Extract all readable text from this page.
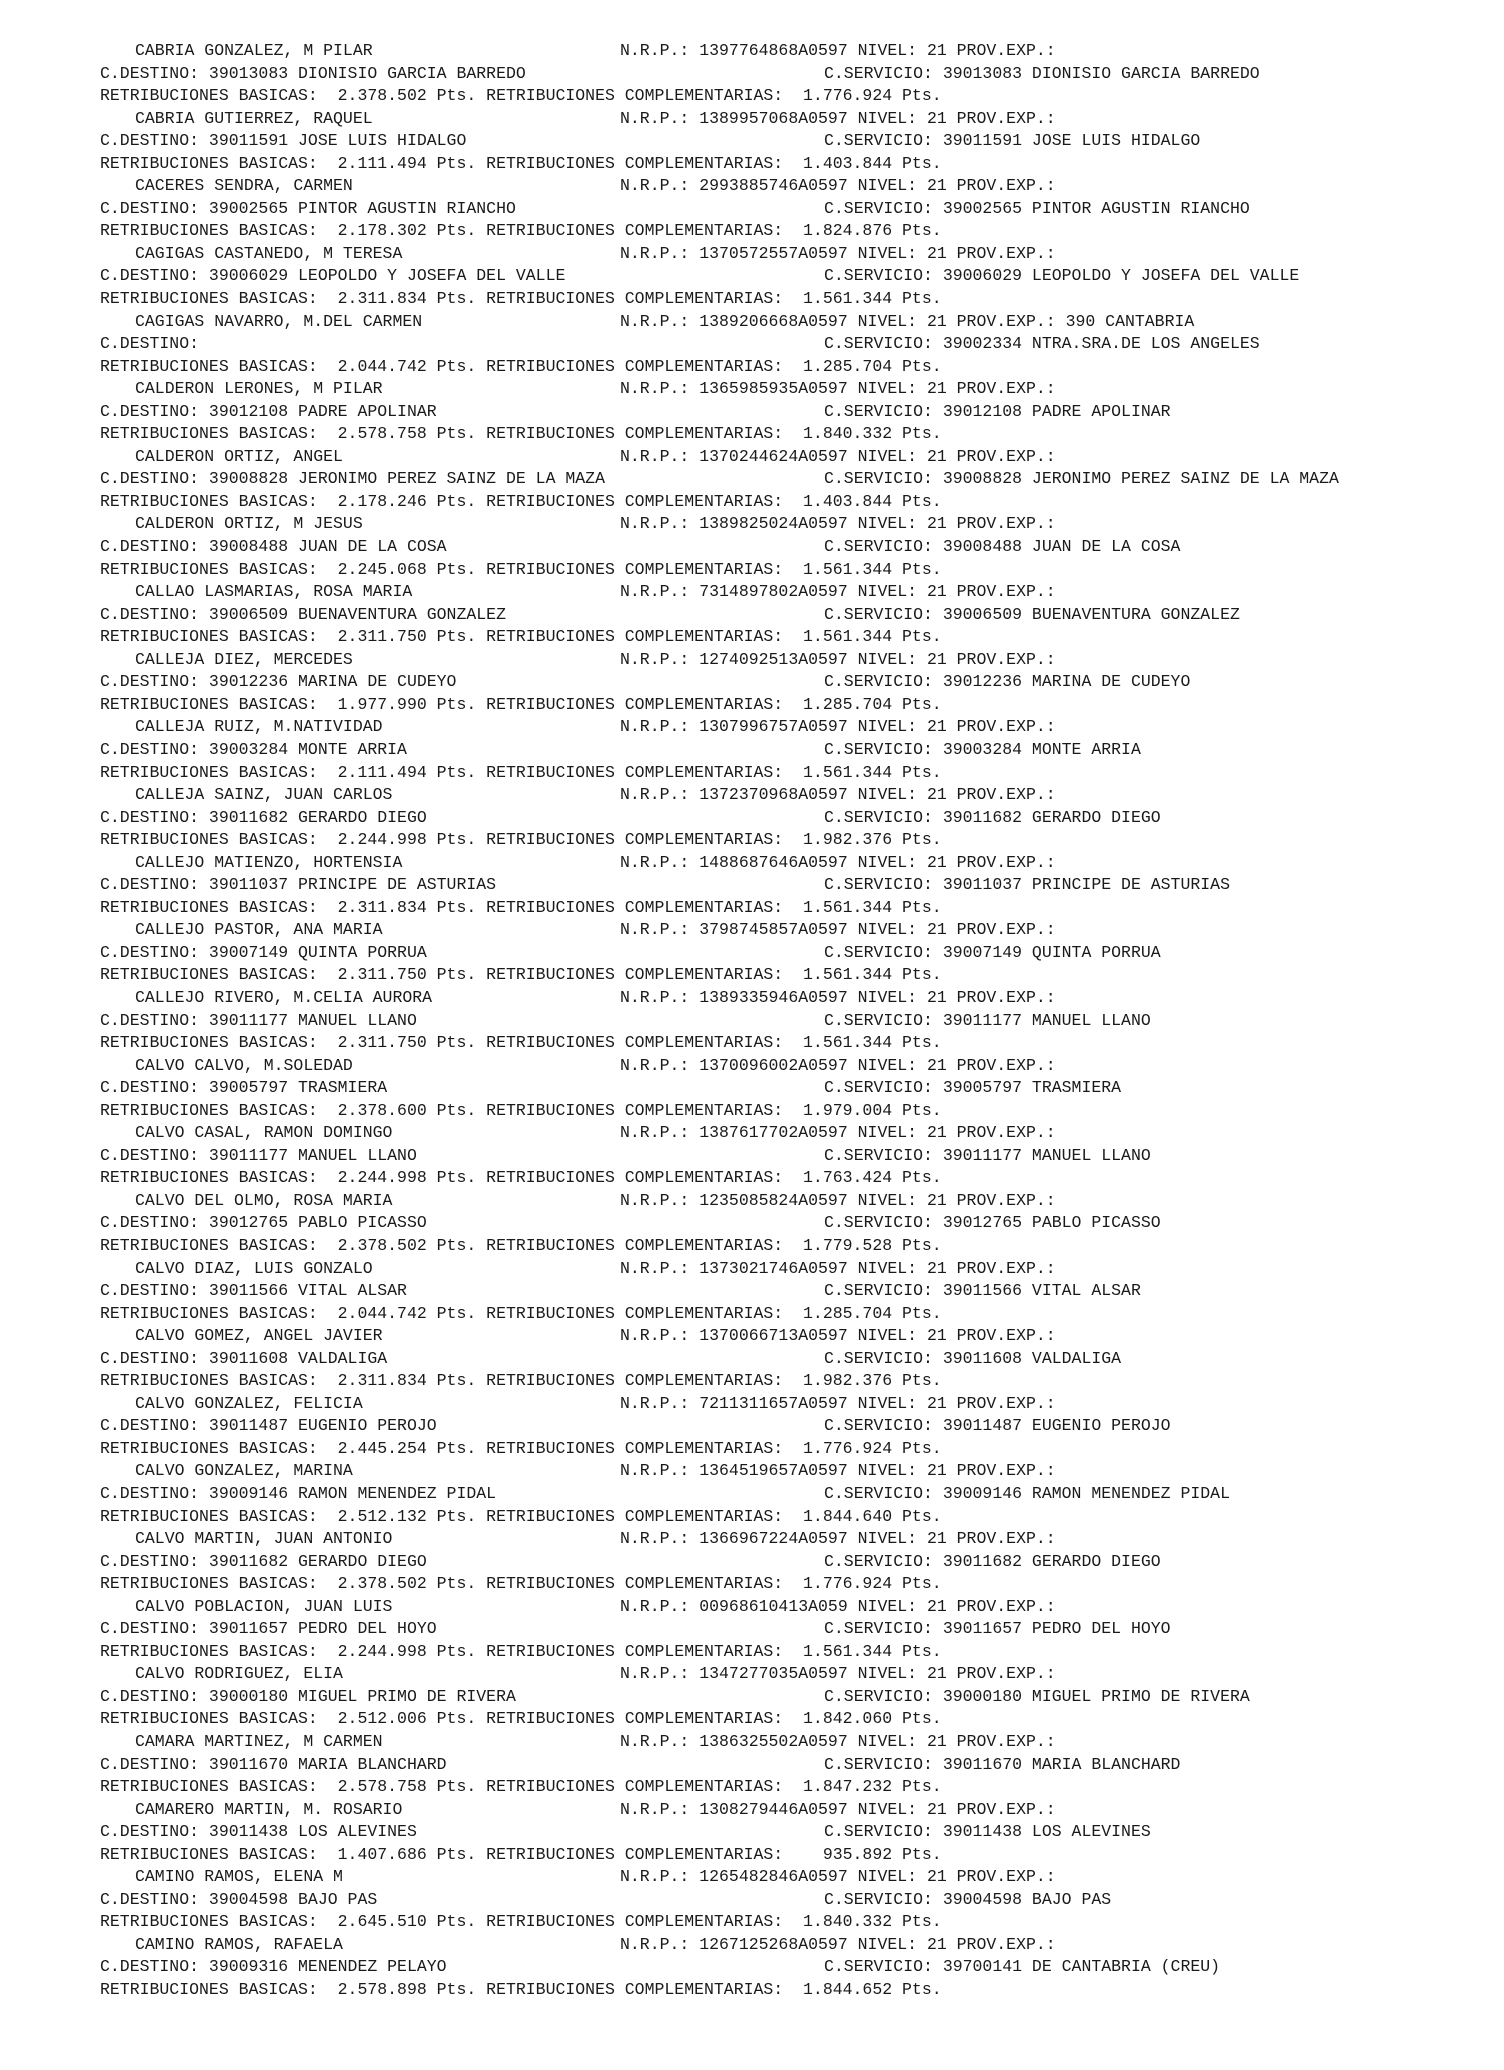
CABRIA GONZALEZ, M PILAR	N.R.P.: 1397764868A0597 NIVEL: 21 PROV.EXP.:
C.DESTINO: 39013083 DIONISIO GARCIA BARREDO	C.SERVICIO: 39013083 DIONISIO GARCIA BARREDO
RETRIBUCIONES BASICAS:  2.378.502 Pts. RETRIBUCIONES COMPLEMENTARIAS:  1.776.924 Pts.
CABRIA GUTIERREZ, RAQUEL	N.R.P.: 1389957068A0597 NIVEL: 21 PROV.EXP.:
C.DESTINO: 39011591 JOSE LUIS HIDALGO	C.SERVICIO: 39011591 JOSE LUIS HIDALGO
RETRIBUCIONES BASICAS:  2.111.494 Pts. RETRIBUCIONES COMPLEMENTARIAS:  1.403.844 Pts.
CACERES SENDRA, CARMEN	N.R.P.: 2993885746A0597 NIVEL: 21 PROV.EXP.:
C.DESTINO: 39002565 PINTOR AGUSTIN RIANCHO	C.SERVICIO: 39002565 PINTOR AGUSTIN RIANCHO
RETRIBUCIONES BASICAS:  2.178.302 Pts. RETRIBUCIONES COMPLEMENTARIAS:  1.824.876 Pts.
CAGIGAS CASTANEDO, M TERESA	N.R.P.: 1370572557A0597 NIVEL: 21 PROV.EXP.:
C.DESTINO: 39006029 LEOPOLDO Y JOSEFA DEL VALLE	C.SERVICIO: 39006029 LEOPOLDO Y JOSEFA DEL VALLE
RETRIBUCIONES BASICAS:  2.311.834 Pts. RETRIBUCIONES COMPLEMENTARIAS:  1.561.344 Pts.
CAGIGAS NAVARRO, M.DEL CARMEN	N.R.P.: 1389206668A0597 NIVEL: 21 PROV.EXP.: 390 CANTABRIA
C.DESTINO:	C.SERVICIO: 39002334 NTRA.SRA.DE LOS ANGELES
RETRIBUCIONES BASICAS:  2.044.742 Pts. RETRIBUCIONES COMPLEMENTARIAS:  1.285.704 Pts.
CALDERON LERONES, M PILAR	N.R.P.: 1365985935A0597 NIVEL: 21 PROV.EXP.:
C.DESTINO: 39012108 PADRE APOLINAR	C.SERVICIO: 39012108 PADRE APOLINAR
RETRIBUCIONES BASICAS:  2.578.758 Pts. RETRIBUCIONES COMPLEMENTARIAS:  1.840.332 Pts.
CALDERON ORTIZ, ANGEL	N.R.P.: 1370244624A0597 NIVEL: 21 PROV.EXP.:
C.DESTINO: 39008828 JERONIMO PEREZ SAINZ DE LA MAZA	C.SERVICIO: 39008828 JERONIMO PEREZ SAINZ DE LA MAZA
RETRIBUCIONES BASICAS:  2.178.246 Pts. RETRIBUCIONES COMPLEMENTARIAS:  1.403.844 Pts.
CALDERON ORTIZ, M JESUS	N.R.P.: 1389825024A0597 NIVEL: 21 PROV.EXP.:
C.DESTINO: 39008488 JUAN DE LA COSA	C.SERVICIO: 39008488 JUAN DE LA COSA
RETRIBUCIONES BASICAS:  2.245.068 Pts. RETRIBUCIONES COMPLEMENTARIAS:  1.561.344 Pts.
CALLAO LASMARIAS, ROSA MARIA	N.R.P.: 7314897802A0597 NIVEL: 21 PROV.EXP.:
C.DESTINO: 39006509 BUENAVENTURA GONZALEZ	C.SERVICIO: 39006509 BUENAVENTURA GONZALEZ
RETRIBUCIONES BASICAS:  2.311.750 Pts. RETRIBUCIONES COMPLEMENTARIAS:  1.561.344 Pts.
CALLEJA DIEZ, MERCEDES	N.R.P.: 1274092513A0597 NIVEL: 21 PROV.EXP.:
C.DESTINO: 39012236 MARINA DE CUDEYO	C.SERVICIO: 39012236 MARINA DE CUDEYO
RETRIBUCIONES BASICAS:  1.977.990 Pts. RETRIBUCIONES COMPLEMENTARIAS:  1.285.704 Pts.
CALLEJA RUIZ, M.NATIVIDAD	N.R.P.: 1307996757A0597 NIVEL: 21 PROV.EXP.:
C.DESTINO: 39003284 MONTE ARRIA	C.SERVICIO: 39003284 MONTE ARRIA
RETRIBUCIONES BASICAS:  2.111.494 Pts. RETRIBUCIONES COMPLEMENTARIAS:  1.561.344 Pts.
CALLEJA SAINZ, JUAN CARLOS	N.R.P.: 1372370968A0597 NIVEL: 21 PROV.EXP.:
C.DESTINO: 39011682 GERARDO DIEGO	C.SERVICIO: 39011682 GERARDO DIEGO
RETRIBUCIONES BASICAS:  2.244.998 Pts. RETRIBUCIONES COMPLEMENTARIAS:  1.982.376 Pts.
CALLEJO MATIENZO, HORTENSIA	N.R.P.: 1488687646A0597 NIVEL: 21 PROV.EXP.:
C.DESTINO: 39011037 PRINCIPE DE ASTURIAS	C.SERVICIO: 39011037 PRINCIPE DE ASTURIAS
RETRIBUCIONES BASICAS:  2.311.834 Pts. RETRIBUCIONES COMPLEMENTARIAS:  1.561.344 Pts.
CALLEJO PASTOR, ANA MARIA	N.R.P.: 3798745857A0597 NIVEL: 21 PROV.EXP.:
C.DESTINO: 39007149 QUINTA PORRUA	C.SERVICIO: 39007149 QUINTA PORRUA
RETRIBUCIONES BASICAS:  2.311.750 Pts. RETRIBUCIONES COMPLEMENTARIAS:  1.561.344 Pts.
CALLEJO RIVERO, M.CELIA AURORA	N.R.P.: 1389335946A0597 NIVEL: 21 PROV.EXP.:
C.DESTINO: 39011177 MANUEL LLANO	C.SERVICIO: 39011177 MANUEL LLANO
RETRIBUCIONES BASICAS:  2.311.750 Pts. RETRIBUCIONES COMPLEMENTARIAS:  1.561.344 Pts.
CALVO CALVO, M.SOLEDAD	N.R.P.: 1370096002A0597 NIVEL: 21 PROV.EXP.:
C.DESTINO: 39005797 TRASMIERA	C.SERVICIO: 39005797 TRASMIERA
RETRIBUCIONES BASICAS:  2.378.600 Pts. RETRIBUCIONES COMPLEMENTARIAS:  1.979.004 Pts.
CALVO CASAL, RAMON DOMINGO	N.R.P.: 1387617702A0597 NIVEL: 21 PROV.EXP.:
C.DESTINO: 39011177 MANUEL LLANO	C.SERVICIO: 39011177 MANUEL LLANO
RETRIBUCIONES BASICAS:  2.244.998 Pts. RETRIBUCIONES COMPLEMENTARIAS:  1.763.424 Pts.
CALVO DEL OLMO, ROSA MARIA	N.R.P.: 1235085824A0597 NIVEL: 21 PROV.EXP.:
C.DESTINO: 39012765 PABLO PICASSO	C.SERVICIO: 39012765 PABLO PICASSO
RETRIBUCIONES BASICAS:  2.378.502 Pts. RETRIBUCIONES COMPLEMENTARIAS:  1.779.528 Pts.
CALVO DIAZ, LUIS GONZALO	N.R.P.: 1373021746A0597 NIVEL: 21 PROV.EXP.:
C.DESTINO: 39011566 VITAL ALSAR	C.SERVICIO: 39011566 VITAL ALSAR
RETRIBUCIONES BASICAS:  2.044.742 Pts. RETRIBUCIONES COMPLEMENTARIAS:  1.285.704 Pts.
CALVO GOMEZ, ANGEL JAVIER	N.R.P.: 1370066713A0597 NIVEL: 21 PROV.EXP.:
C.DESTINO: 39011608 VALDALIGA	C.SERVICIO: 39011608 VALDALIGA
RETRIBUCIONES BASICAS:  2.311.834 Pts. RETRIBUCIONES COMPLEMENTARIAS:  1.982.376 Pts.
CALVO GONZALEZ, FELICIA	N.R.P.: 7211311657A0597 NIVEL: 21 PROV.EXP.:
C.DESTINO: 39011487 EUGENIO PEROJO	C.SERVICIO: 39011487 EUGENIO PEROJO
RETRIBUCIONES BASICAS:  2.445.254 Pts. RETRIBUCIONES COMPLEMENTARIAS:  1.776.924 Pts.
CALVO GONZALEZ, MARINA	N.R.P.: 1364519657A0597 NIVEL: 21 PROV.EXP.:
C.DESTINO: 39009146 RAMON MENENDEZ PIDAL	C.SERVICIO: 39009146 RAMON MENENDEZ PIDAL
RETRIBUCIONES BASICAS:  2.512.132 Pts. RETRIBUCIONES COMPLEMENTARIAS:  1.844.640 Pts.
CALVO MARTIN, JUAN ANTONIO	N.R.P.: 1366967224A0597 NIVEL: 21 PROV.EXP.:
C.DESTINO: 39011682 GERARDO DIEGO	C.SERVICIO: 39011682 GERARDO DIEGO
RETRIBUCIONES BASICAS:  2.378.502 Pts. RETRIBUCIONES COMPLEMENTARIAS:  1.776.924 Pts.
CALVO POBLACION, JUAN LUIS	N.R.P.: 00968610413A059 NIVEL: 21 PROV.EXP.:
C.DESTINO: 39011657 PEDRO DEL HOYO	C.SERVICIO: 39011657 PEDRO DEL HOYO
RETRIBUCIONES BASICAS:  2.244.998 Pts. RETRIBUCIONES COMPLEMENTARIAS:  1.561.344 Pts.
CALVO RODRIGUEZ, ELIA	N.R.P.: 1347277035A0597 NIVEL: 21 PROV.EXP.:
C.DESTINO: 39000180 MIGUEL PRIMO DE RIVERA	C.SERVICIO: 39000180 MIGUEL PRIMO DE RIVERA
RETRIBUCIONES BASICAS:  2.512.006 Pts. RETRIBUCIONES COMPLEMENTARIAS:  1.842.060 Pts.
CAMARA MARTINEZ, M CARMEN	N.R.P.: 1386325502A0597 NIVEL: 21 PROV.EXP.:
C.DESTINO: 39011670 MARIA BLANCHARD	C.SERVICIO: 39011670 MARIA BLANCHARD
RETRIBUCIONES BASICAS:  2.578.758 Pts. RETRIBUCIONES COMPLEMENTARIAS:  1.847.232 Pts.
CAMARERO MARTIN, M. ROSARIO	N.R.P.: 1308279446A0597 NIVEL: 21 PROV.EXP.:
C.DESTINO: 39011438 LOS ALEVINES	C.SERVICIO: 39011438 LOS ALEVINES
RETRIBUCIONES BASICAS:  1.407.686 Pts. RETRIBUCIONES COMPLEMENTARIAS:    935.892 Pts.
CAMINO RAMOS, ELENA M	N.R.P.: 1265482846A0597 NIVEL: 21 PROV.EXP.:
C.DESTINO: 39004598 BAJO PAS	C.SERVICIO: 39004598 BAJO PAS
RETRIBUCIONES BASICAS:  2.645.510 Pts. RETRIBUCIONES COMPLEMENTARIAS:  1.840.332 Pts.
CAMINO RAMOS, RAFAELA	N.R.P.: 1267125268A0597 NIVEL: 21 PROV.EXP.:
C.DESTINO: 39009316 MENENDEZ PELAYO	C.SERVICIO: 39700141 DE CANTABRIA (CREU)
RETRIBUCIONES BASICAS:  2.578.898 Pts. RETRIBUCIONES COMPLEMENTARIAS:  1.844.652 Pts.
